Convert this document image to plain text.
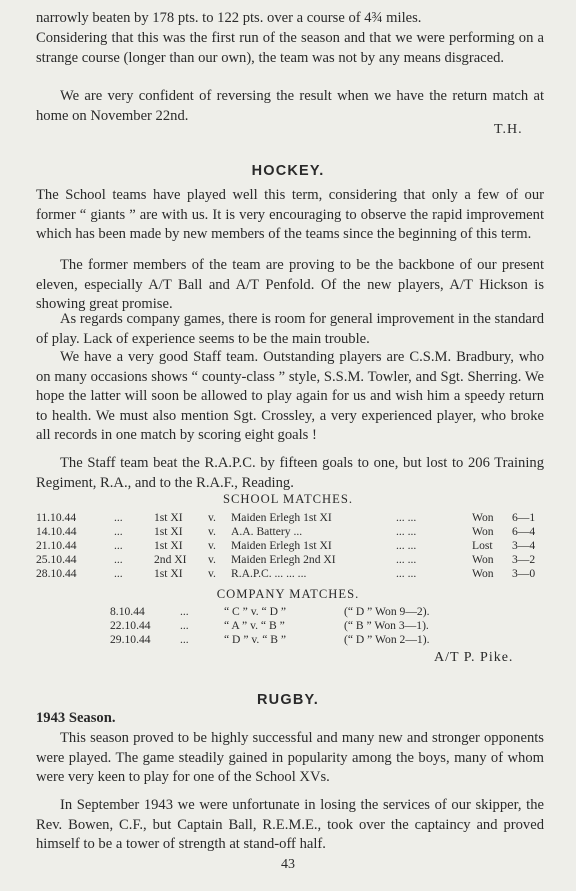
narrowly beaten by 178 pts. to 122 pts. over a course of 4¾ miles.

Considering that this was the first run of the season and that we were performing on a strange course (longer than our own), the team was not by any means disgraced.

We are very confident of reversing the result when we have the return match at home on November 22nd.

T.H.
HOCKEY.

The School teams have played well this term, considering that only a few of our former “ giants ” are with us. It is very encouraging to observe the rapid improvement which has been made by new members of the teams since the beginning of this term.

The former members of the team are proving to be the backbone of our present eleven, especially A/T Ball and A/T Penfold. Of the new players, A/T Hickson is showing great promise.

As regards company games, there is room for general improvement in the standard of play. Lack of experience seems to be the main trouble.

We have a very good Staff team. Outstanding players are C.S.M. Bradbury, who on many occasions shows “ county-class ” style, S.S.M. Towler, and Sgt. Sherring. We hope the latter will soon be allowed to play again for us and wish him a speedy return to health. We must also mention Sgt. Crossley, a very experienced player, who broke all records in one match by scoring eight goals !

The Staff team beat the R.A.P.C. by fifteen goals to one, but lost to 206 Training Regiment, R.A., and to the R.A.F., Reading.

SCHOOL MATCHES.
11.10.44	...	1st XI v. Maiden Erlegh 1st XI	... ...	Won 6—1
14.10.44	...	1st XI v. A.A. Battery ...	... ...	Won 6—4
21.10.44	...	1st XI v. Maiden Erlegh 1st XI	... ...	Lost 3—4
25.10.44	...	2nd XI v. Maiden Erlegh 2nd XI	... ...	Won 3—2
28.10.44	...	1st XI v. R.A.P.C. ... ... ...	... ...	Won 3—0
COMPANY MATCHES.
8.10.44	...	“ C ” v. “ D ”	(“ D ” Won 9—2).
22.10.44	...	“ A ” v. “ B ”	(“ B ” Won 3—1).
29.10.44	...	“ D ” v. “ B ”	(“ D ” Won 2—1).
A/T P. Pike.
RUGBY.
1943 Season.

This season proved to be highly successful and many new and stronger opponents were played. The game steadily gained in popularity among the boys, many of whom were very keen to play for one of the School XVs.

In September 1943 we were unfortunate in losing the services of our skipper, the Rev. Bowen, C.F., but Captain Ball, R.E.M.E., took over the captaincy and proved himself to be a tower of strength at stand-off half.

43
